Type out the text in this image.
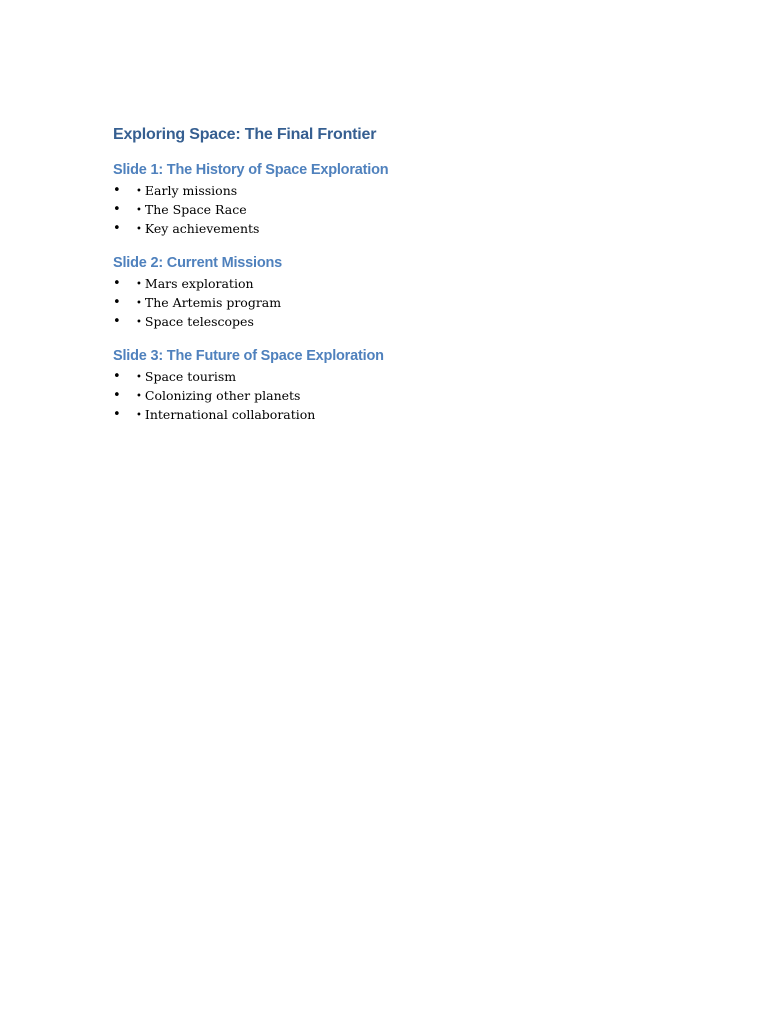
Exploring Space: The Final Frontier
Slide 1: The History of Space Exploration
• • Early missions
• • The Space Race
• • Key achievements
Slide 2: Current Missions
• • Mars exploration
• • The Artemis program
• • Space telescopes
Slide 3: The Future of Space Exploration
• • Space tourism
• • Colonizing other planets
• • International collaboration
